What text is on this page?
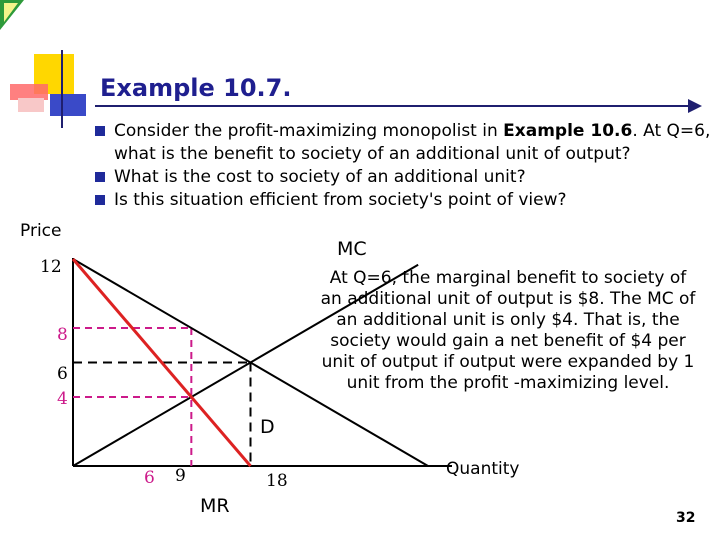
Example 10.7.
Consider the profit-maximizing monopolist in Example 10.6. At Q=6, what is the benefit to society of an additional unit of output?
What is the cost to society of an additional unit?
Is this situation efficient from society's point of view?
Price
Quantity
12
8
6
4
6 9	18
MC
MR
D
At Q=6, the marginal benefit to society of an additional unit of output is $8. The MC of an additional unit is only $4. That is, the society would gain a net benefit of $4 per unit of output if output were expanded by 1 unit from the profit -maximizing level.
32
